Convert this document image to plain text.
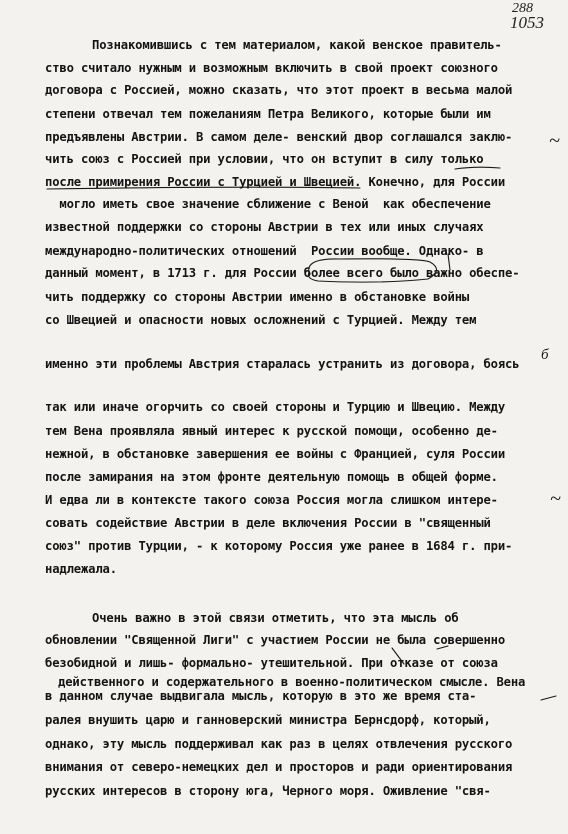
288
1053
Познакомившись с тем материалом, какой венское правитель-
ство считало нужным и возможным включить в свой проект союзного
договора с Россией, можно сказать, что этот проект в весьма малой
степени отвечал тем пожеланиям Петра Великого, которые были им
предъявлены Австрии. В самом деле- венский двор соглашался заклю-
чить союз с Россией при условии, что он вступит в силу только
после примирения России с Турцией и Швецией. Конечно, для России
могло иметь свое значение сближение с Веной  как обеспечение
известной поддержки со стороны Австрии в тех или иных случаях
международно-политических отношений  России вообще. Однако- в
данный момент, в 1713 г. для России более всего было важно обеспе-
чить поддержку со стороны Австрии именно в обстановке войны
со Швецией и опасности новых осложнений с Турцией. Между тем
именно эти проблемы Австрия старалась устранить из договора, боясь
так или иначе огорчить со своей стороны и Турцию и Швецию. Между
тем Вена проявляла явный интерес к русской помощи, особенно де-
нежной, в обстановке завершения ее войны с Францией, суля России
после замирания на этом фронте деятельную помощь в общей форме.
И едва ли в контексте такого союза Россия могла слишком интере-
совать содействие Австрии в деле включения России в "священный
союз" против Турции, - к которому Россия уже ранее в 1684 г. при-
надлежала.
Очень важно в этой связи отметить, что эта мысль об
обновлении "Священной Лиги" с участием России не была совершенно
безобидной и лишь- формально- утешительной. При отказе от союза
действенного и содержательного в военно-политическом смысле. Вена
в данном случае выдвигала мысль, которую в это же время ста-
ралея внушить царю и ганноверский министра Бернсдорф, который,
однако, эту мысль поддерживал как раз в целях отвлечения русского
внимания от северо-немецких дел и просторов и ради ориентирования
русских интересов в сторону юга, Черного моря. Оживление "свя-
~
б
~
